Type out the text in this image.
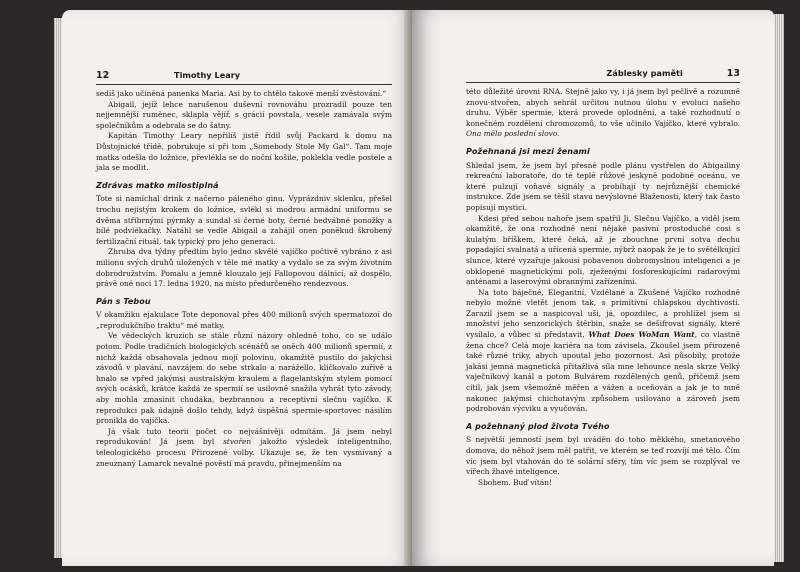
12	Timothy Leary

sedíš jako učiněná panenka Maria. Asi by to chtělo takové menší zvěstování.“

Abigail, jejíž lehce narušenou duševní rovnováhu prozradil pouze ten nejjemnější ruměnec, sklapla vějíř, s grácií povstala, vesele zamávala svým společníkům a odebrala se do šatny.

Kapitán Timothy Leary nepřilíš jistě řídil svůj Packard k domu na Důstojnické třídě, pobrukuje si při tom „Somebody Stole My Gal“. Tam moje matka odešla do ložnice, převlékla se do noční košile, poklekla vedle postele a jala se modlit.

Zdrávas matko milostiplná

Tote si namíchal drink z načerno páleného ginu. Vyprázdniv sklenku, přešel trochu nejistým krokem do ložnice, svlékl si modrou armádní uniformu se dvěma stříbrnými pýrmky a sundal si černé boty, černé hedvábné ponožky a bílé podvlékačky. Natáhl se vedle Abigail a zahájil onen poněkud škrobený fertilizační rituál, tak typický pro jeho generaci.

Zhruba dva týdny předtím bylo jedno skvělé vajíčko počtivě vybráno z asi milionu svých druhů uložených v těle mé matky a vydalo se za svým životním dobrodružstvím. Pomalu a jemně klouzalo její Fallopovou dálnicí, až dospělo, právě oné noci 17. ledna 1920, na místo předurčeného rendezvous.

Pán s Tebou

V okamžiku ejakulace Tote deponoval přes 400 milionů svých spermatozoí do „reprodukčního traktu“ mé matky.

Ve vědeckých kruzích se stále různí názory ohledně toho, co se událo potom. Podle tradičních biologických scénářů se oněch 400 milionů spermií, z nichž každá obsahovala jednou mojí polovinu, okamžitě pustilo do jakýchsi závodů v plavání, navzájem do sebe strkalo a narážello, kličkovalo zuřivě a hnalo se vpřed jakýmsi australským kraulem a flagelantským stylem pomocí svých ocásků, krátce každá ze spermií se usilovně snažila vyhrát tyto závody, aby mohla zmasínit chudáka, bezbrannou a receptivní slečnu vajíčko. K reprodukci pak údajně došlo tehdy, když úspěšná spermie-sportovec násilím pronikla do vajíčka.

Já však tuto teorii počet co nejvášnivěji odmítám. Já jsem nebyl reprodukován! Já jsem byl stvořen jakožto výsledek inteligentního, teleologického procesu Přirozené volby. Ukazuje se, že ten vysmívaný a zneuznaný Lamarck nevalné pověstí má pravdu, přinejmenším na

Záblesky paměti	13

této důležité úrovni RNA. Stejně jako vy, i já jsem byl pečlivě a rozumně znovu-stvořen, abych sehrál určitou nutnou úlohu v evoluci našeho druhu. Výběr spermie, která provede oplodnění, a také rozhodnutí o konečném rozdělení chromozomů, to vše učinilo Vajíčko, které vybralo. Ona mělo poslední slovo.

Požehnaná jsi mezi ženami

Shledal jsem, že jsem byl přesně podle plánu vystřelen do Abigailiny rekreační laboratoře, do té teplé růžové jeskyně podobné oceánu, ve které pulzují voňavé signály a probíhají ty nejrůznější chemické instrukce. Zde jsem se těšil stavu nevýslovné Blaženosti, který tak často popisují mystici.

Kdesi před sebou nahoře jsem spatřil Ji, Slečnu Vajíčko, a viděl jsem okamžitě, že ona rozhodně není nějaké pasivní prostoduché cosi s kulatým bříškem, které čeká, až je zbouchne první sotva dechu popadající svalnatá a uřícená spermie, nýbrž naopak že je to světélkující slunce, které vyzařuje jakousi pobavenou dobromyslnou inteligenci a je obklopené magnetickými poli, zježenými fosforeskujícími radarovými anténami a laserovými obrannými zařízeními.

Na toto báječné, Elegantní, Vzdělané a Zkušené Vajíčko rozhodně nebylo možné vletět jenom tak, s primitivní chlapskou dychtivostí. Zarazil jsem se a naspicoval uši, já, opozdilec, a prohlížel jsem si množství jeho senzorických štěrbin, snaže se dešifrovat signály, které vysílalo, a vůbec si představit, What Does WoMan Want, co vlastně žena chce? Celá moje kariéra na tom závisela. Zkoušel jsem přirozeně také různé triky, abych upoutal jeho pozornost. Asi působily, protože jakási jemná magnetická přitažlivá síla mne lehounce nesla skrze Velký vaječníkový kanál a potom Bulvárem rozdělených genů, přičemž jsem cítil, jak jsem všemožně měřen a vážen a oceňován a jak je to mně nakonec jakýmsi chichotavým způsobem usilováno a zároveň jsem podrobován výcviku a vyučován.

A požehnaný plod života Tvého

S největší jemností jsem byl uváděn do toho měkkého, smetanového domova, do něhož jsem měl patřit, ve kterém se teď rozvíjí mé tělo. Čím víc jsem byl vtahován do té solární sféry, tím víc jsem se rozplýval ve vířech žhavé inteligence.

Sbohem. Buď vítán!
